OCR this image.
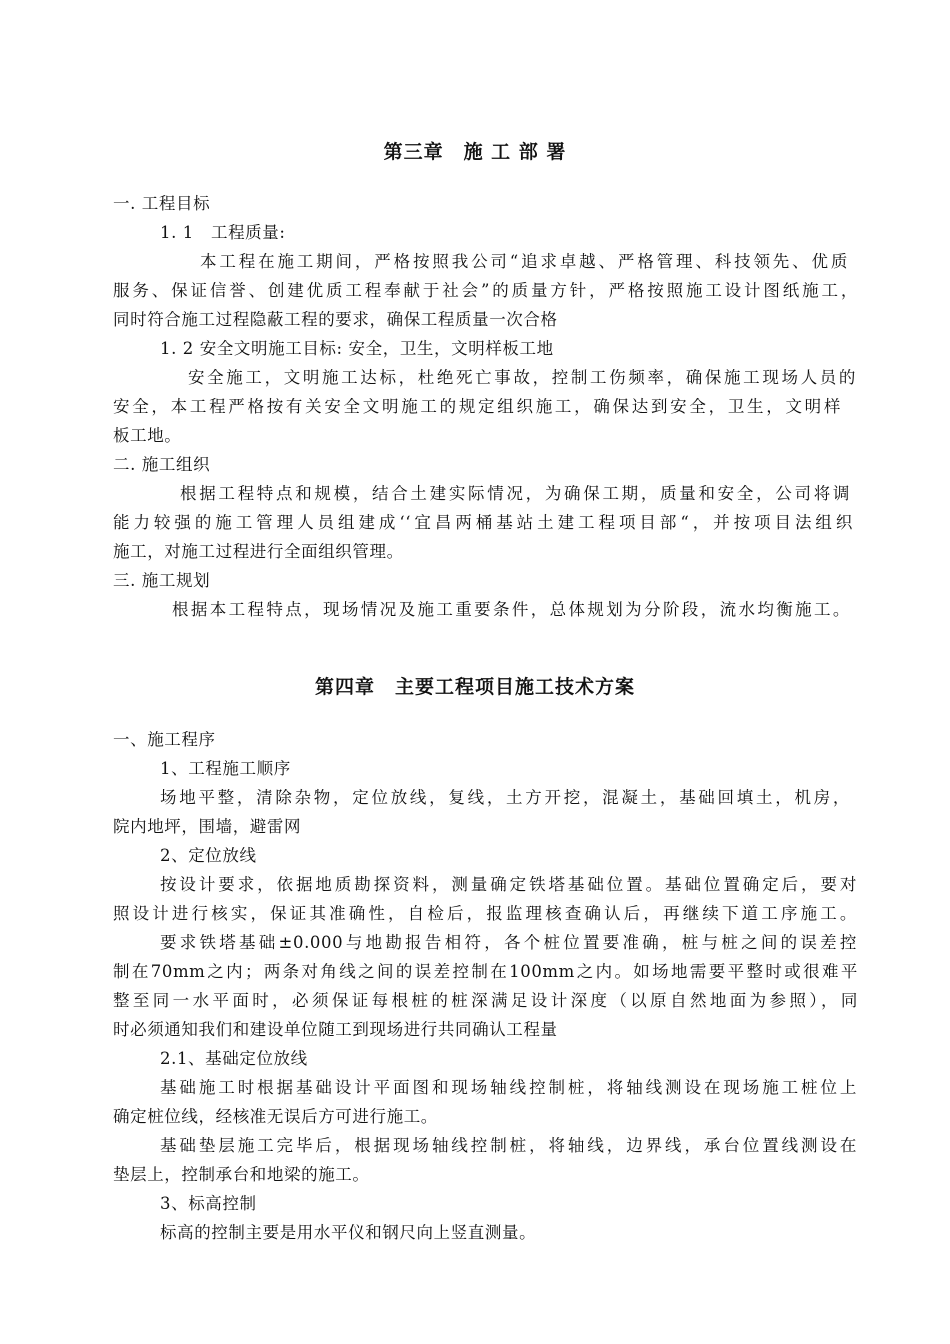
第三章　施 工 部 署
一. 工程目标
1. 1　工程质量:
本工程在施工期间，严格按照我公司“追求卓越、严格管理、科技领先、优质
服务、保证信誉、创建优质工程奉献于社会”的质量方针，严格按照施工设计图纸施工，
同时符合施工过程隐蔽工程的要求，确保工程质量一次合格
1. 2 安全文明施工目标: 安全，卫生，文明样板工地
安全施工，文明施工达标，杜绝死亡事故，控制工伤频率，确保施工现场人员的
安全，本工程严格按有关安全文明施工的规定组织施工，确保达到安全，卫生，文明样
板工地。
二. 施工组织
根据工程特点和规模，结合土建实际情况，为确保工期，质量和安全，公司将调
能力较强的施工管理人员组建成‘‘宜昌两桶基站土建工程项目部“，并按项目法组织
施工，对施工过程进行全面组织管理。
三. 施工规划
根据本工程特点，现场情况及施工重要条件，总体规划为分阶段，流水均衡施工。
第四章　主要工程项目施工技术方案
一、施工程序
1、工程施工顺序
场地平整，清除杂物，定位放线，复线，土方开挖，混凝土，基础回填土，机房，
院内地坪，围墙，避雷网
2、定位放线
按设计要求，依据地质勘探资料，测量确定铁塔基础位置。基础位置确定后，要对
照设计进行核实，保证其准确性，自检后，报监理核查确认后，再继续下道工序施工。
要求铁塔基础±0.000与地勘报告相符，各个桩位置要准确，桩与桩之间的误差控
制在70mm之内；两条对角线之间的误差控制在100mm之内。如场地需要平整时或很难平
整至同一水平面时，必须保证每根桩的桩深满足设计深度（以原自然地面为参照），同
时必须通知我们和建设单位随工到现场进行共同确认工程量
2.1、基础定位放线
基础施工时根据基础设计平面图和现场轴线控制桩，将轴线测设在现场施工桩位上
确定桩位线，经核准无误后方可进行施工。
基础垫层施工完毕后，根据现场轴线控制桩，将轴线，边界线，承台位置线测设在
垫层上，控制承台和地梁的施工。
3、标高控制
标高的控制主要是用水平仪和钢尺向上竖直测量。
